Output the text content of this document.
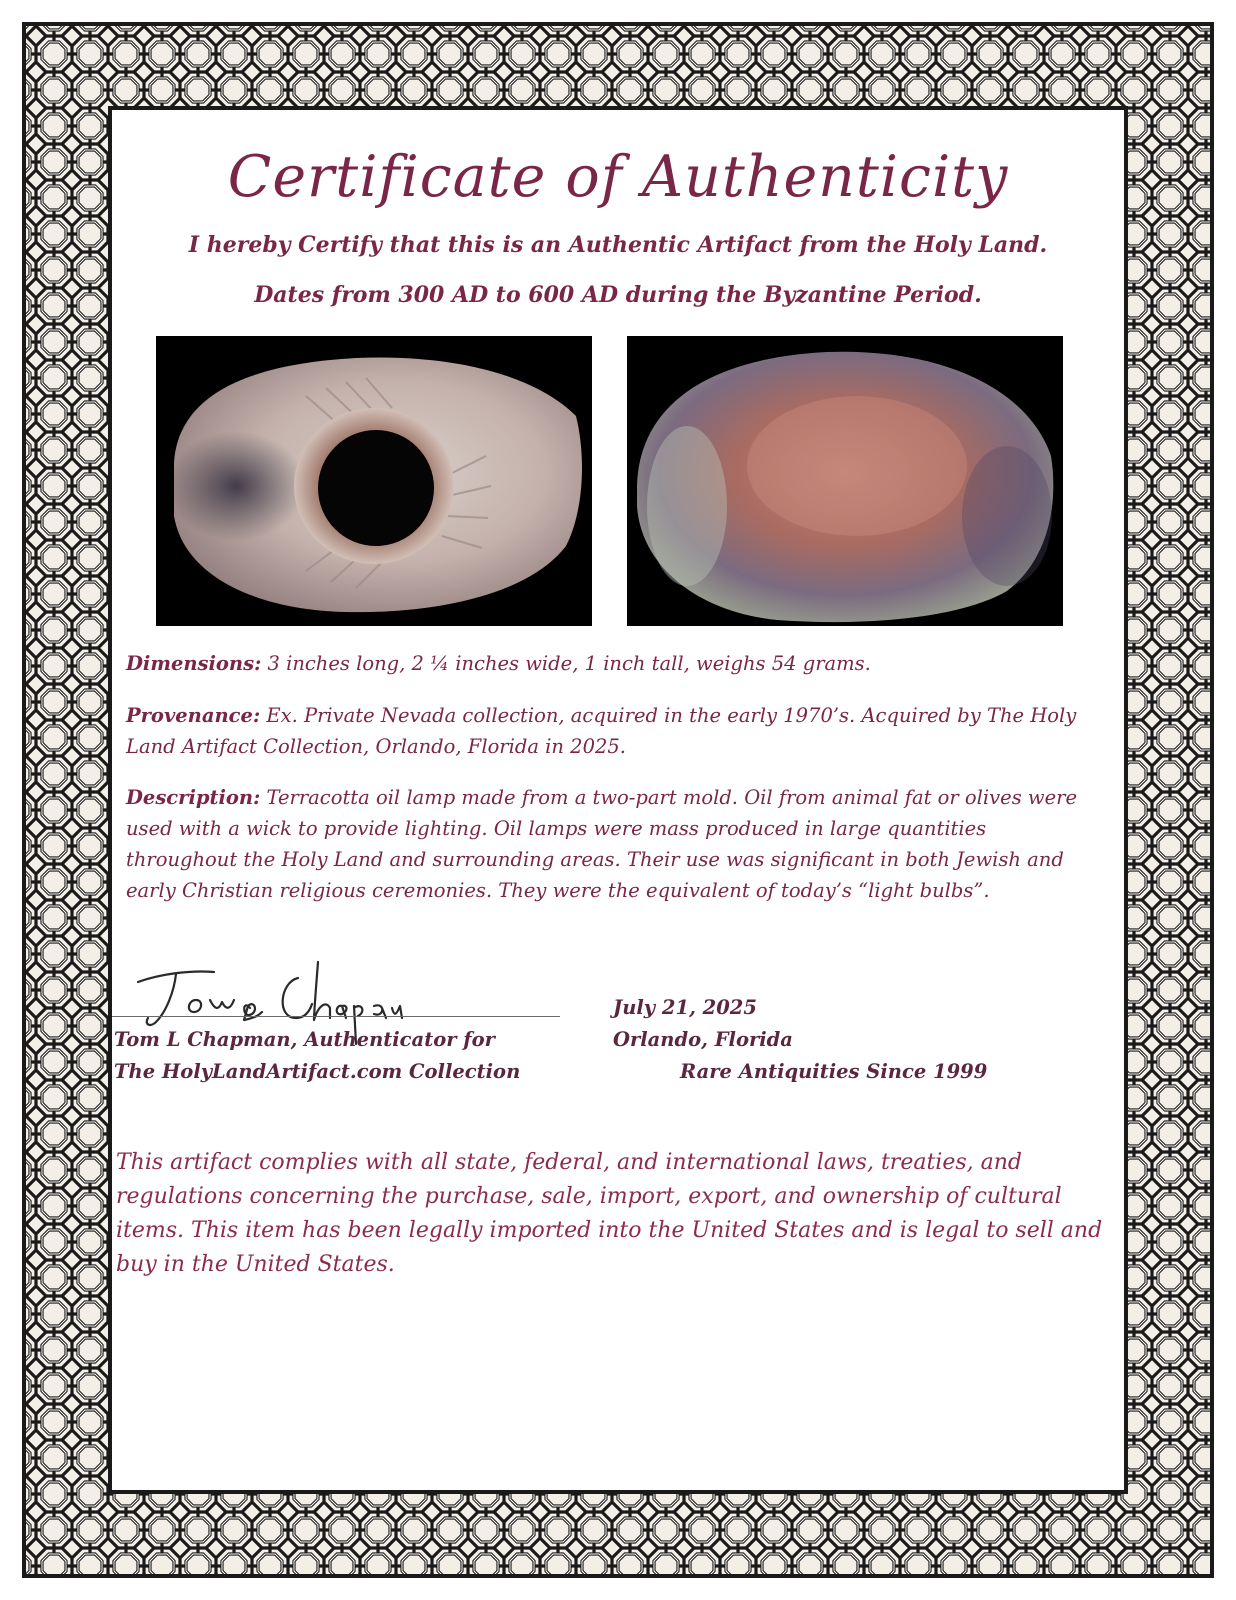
Certificate of Authenticity
I hereby Certify that this is an Authentic Artifact from the Holy Land.
Dates from 300 AD to 600 AD during the Byzantine Period.
Dimensions: 3 inches long, 2 ¼ inches wide, 1 inch tall, weighs 54 grams.
Provenance: Ex. Private Nevada collection, acquired in the early 1970’s. Acquired by The Holy Land Artifact Collection, Orlando, Florida in 2025.
Description: Terracotta oil lamp made from a two-part mold. Oil from animal fat or olives were used with a wick to provide lighting. Oil lamps were mass produced in large quantities throughout the Holy Land and surrounding areas. Their use was significant in both Jewish and early Christian religious ceremonies. They were the equivalent of today’s “light bulbs”.
Tom L Chapman, Authenticator for
The HolyLandArtifact.com Collection
July 21, 2025
Orlando, Florida
Rare Antiquities Since 1999
This artifact complies with all state, federal, and international laws, treaties, and regulations concerning the purchase, sale, import, export, and ownership of cultural items. This item has been legally imported into the United States and is legal to sell and buy in the United States.
